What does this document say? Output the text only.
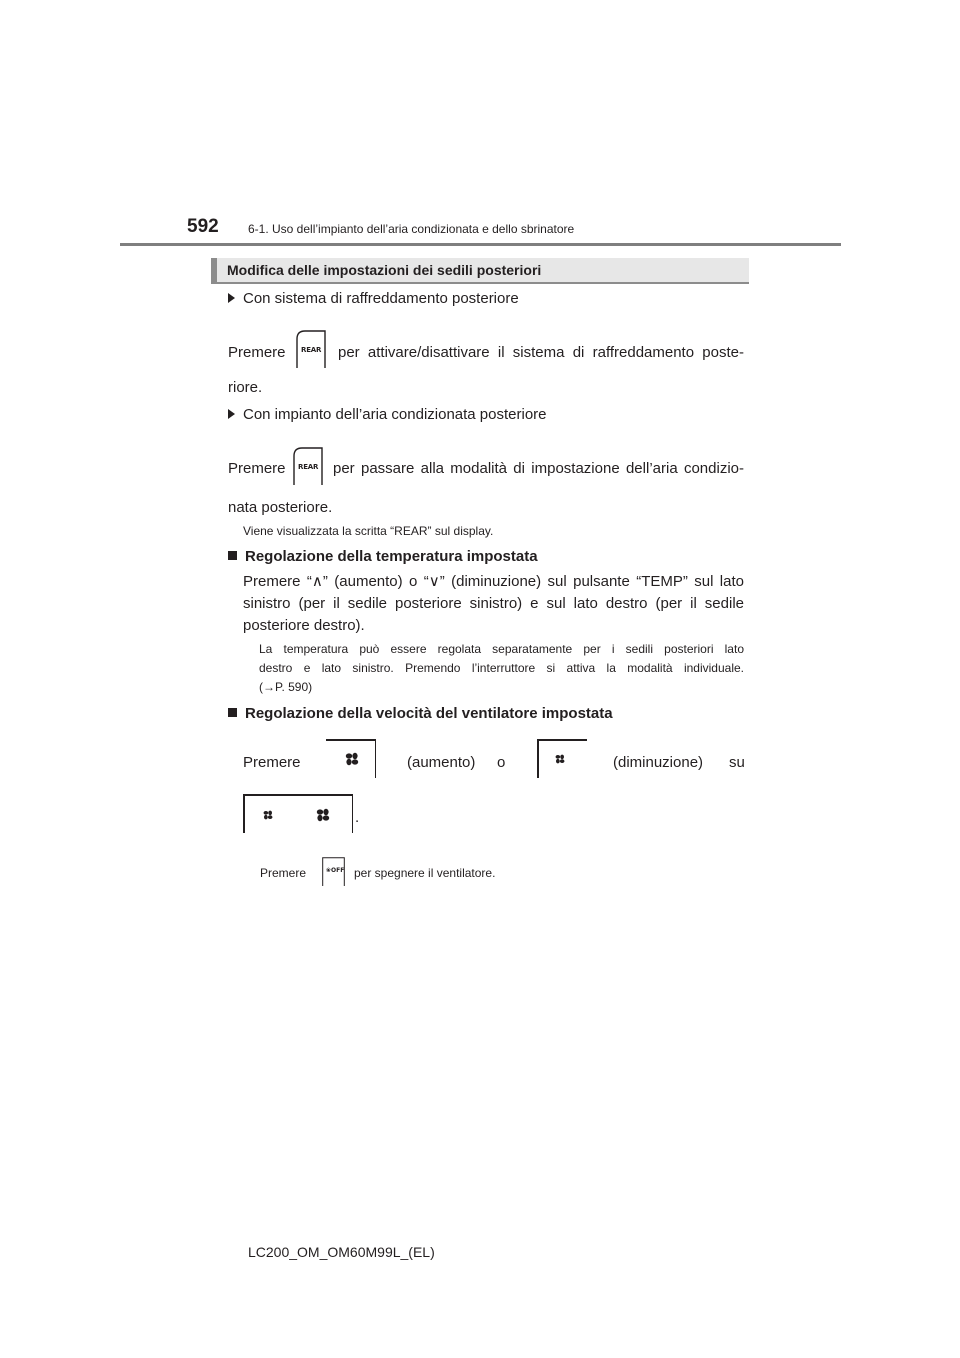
592 6-1. Uso dell’impianto dell’aria condizionata e dello sbrinatore
Modifica delle impostazioni dei sedili posteriori
Con sistema di raffreddamento posteriore
Premere REAR per attivare/disattivare il sistema di raffreddamento poste-
riore.
Con impianto dell’aria condizionata posteriore
Premere REAR per passare alla modalità di impostazione dell’aria condizio-
nata posteriore.
Viene visualizzata la scritta “REAR” sul display.
Regolazione della temperatura impostata
Premere “∧” (aumento) o “∨” (diminuzione) sul pulsante “TEMP” sul lato
sinistro (per il sedile posteriore sinistro) e sul lato destro (per il sedile
posteriore destro).
La temperatura può essere regolata separatamente per i sedili posteriori lato
destro e lato sinistro. Premendo l’interruttore si attiva la modalità individuale.
(→P. 590)
Regolazione della velocità del ventilatore impostata
Premere	(aumento) o	(diminuzione) su
.
Premere	❀OFF per spegnere il ventilatore.
LC200_OM_OM60M99L_(EL)
